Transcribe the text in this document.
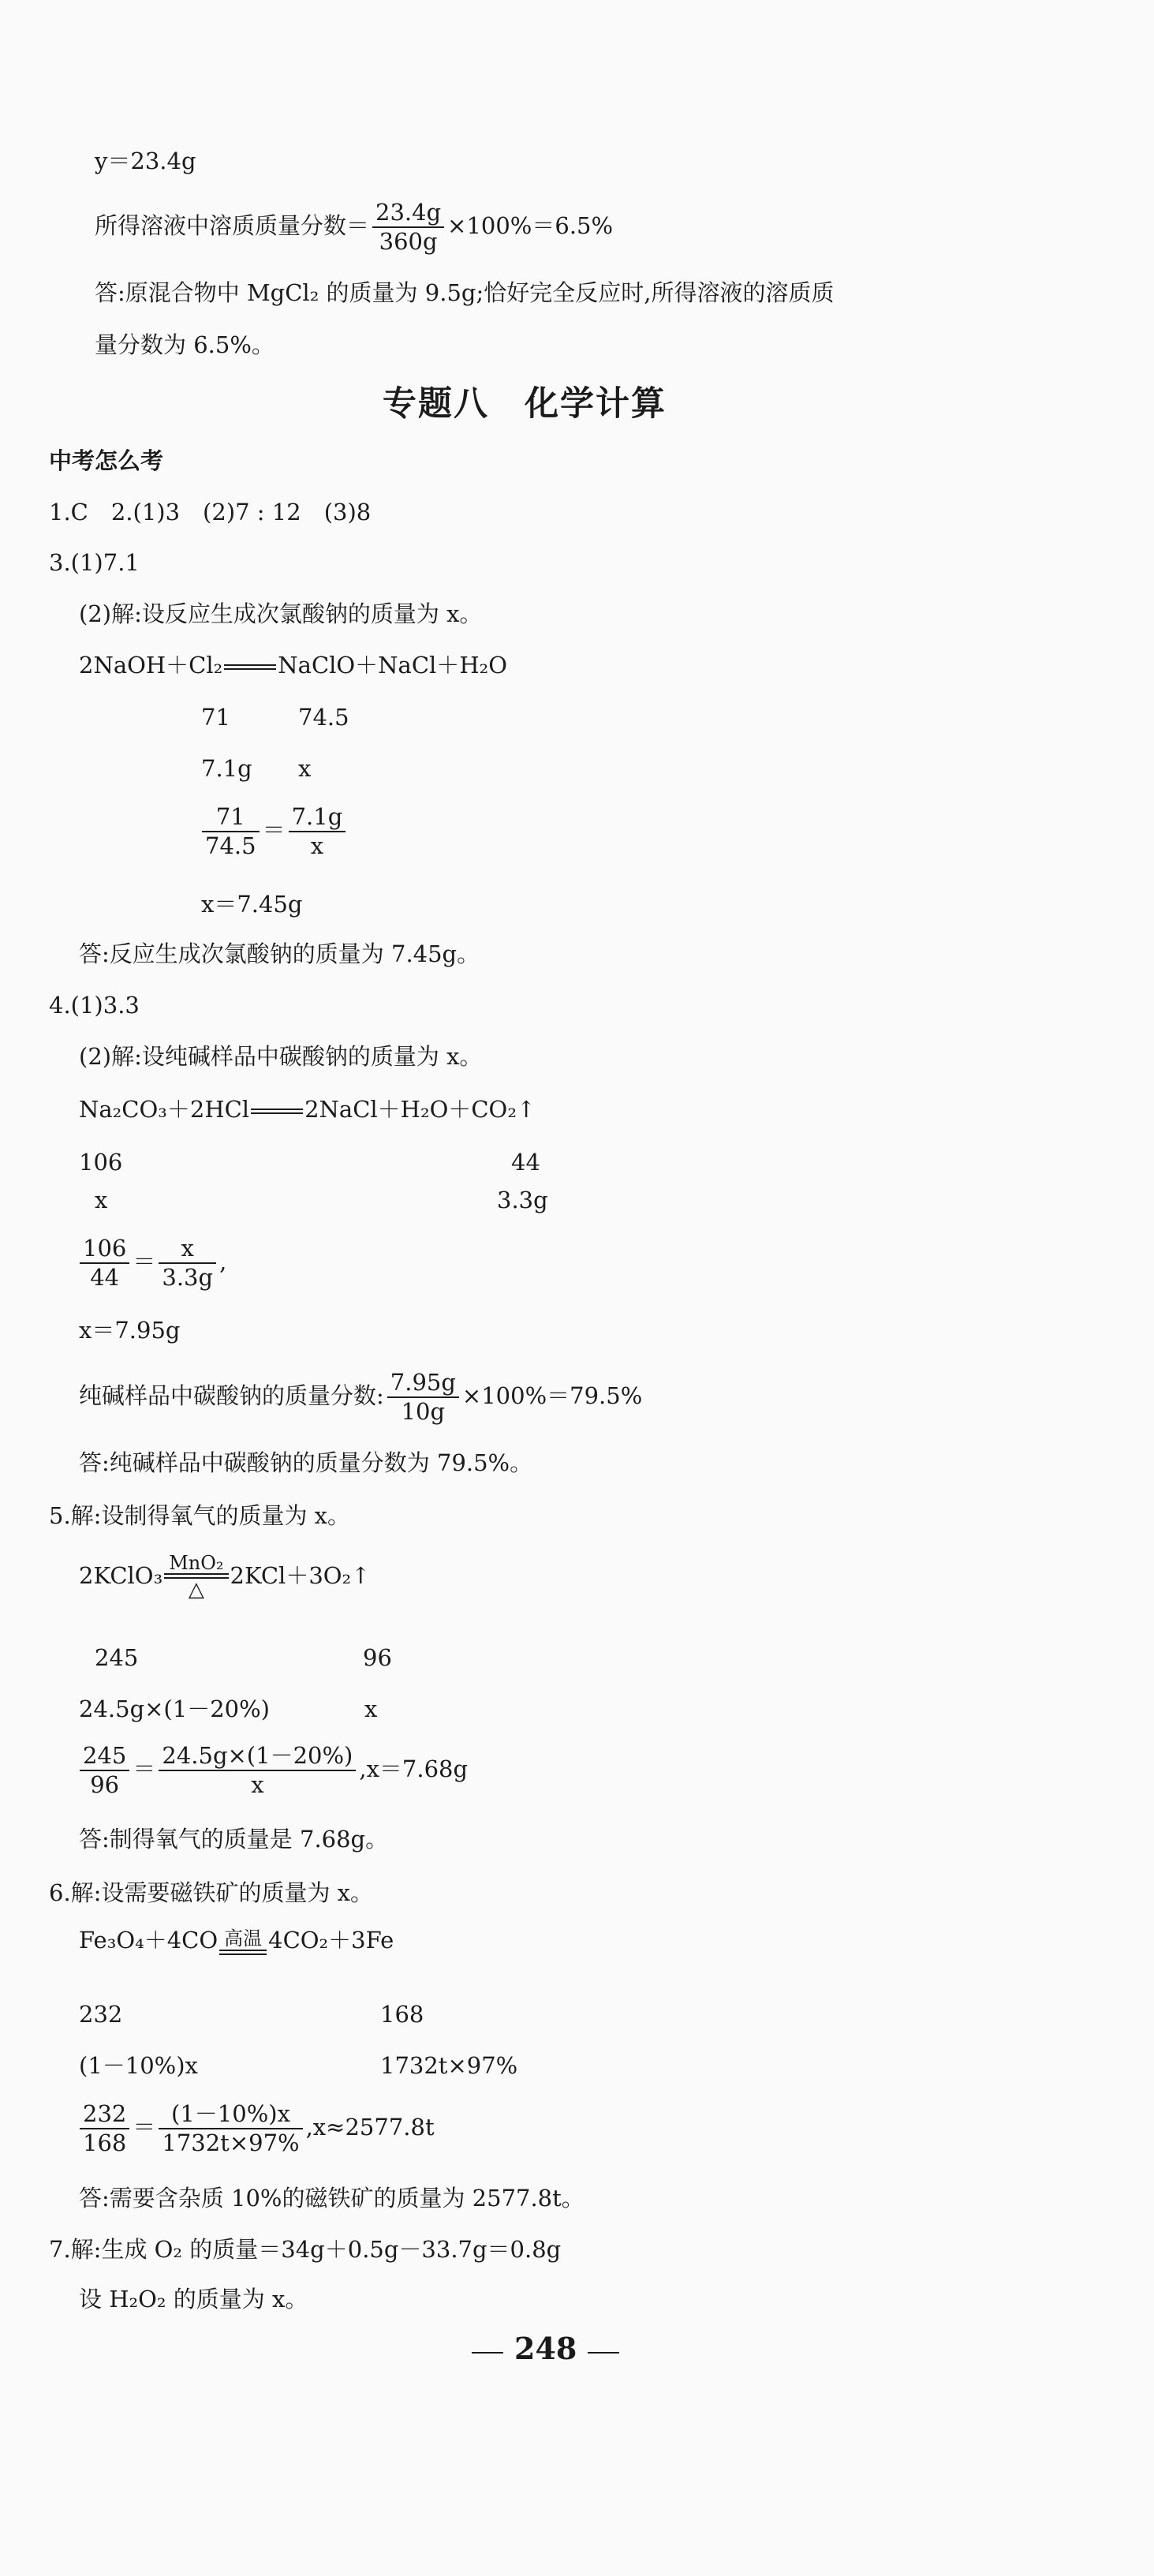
y＝23.4g
所得溶液中溶质质量分数＝ $\frac{23.4g}{360g} \times 100\%=6.5\%$
答:原混合物中 MgCl₂ 的质量为 9.5g;恰好完全反应时,所得溶液的溶质质
量分数为 6.5%。
专题八　化学计算
中考怎么考
1.C　2.(1)3　(2)7 : 12　(3)8
3.(1)7.1
(2)解:设反应生成次氯酸钠的质量为 x。
2NaOH＋Cl₂ NaClO＋NaCl＋H₂O
71	74.5
7.1g x
$\frac{71}{74.5} = \frac{7.1g}{x}$
x＝7.45g
答:反应生成次氯酸钠的质量为 7.45g。
4.(1)3.3
(2)解:设纯碱样品中碳酸钠的质量为 x。
Na₂CO₃＋2HCl 2NaCl＋H₂O＋CO₂↑
106	44
x	3.3g
$\frac{106}{44} = \frac{x}{3.3g}$ ,
x＝7.95g
纯碱样品中碳酸钠的质量分数: $\frac{7.95g}{10g} \times 100\%=79.5\%$
答:纯碱样品中碳酸钠的质量分数为 79.5%。
5.解:设制得氧气的质量为 x。
2KClO₃ MnO₂
△
2KCl＋3O₂↑
245	96
24.5g×(1－20%)	x
$\frac{245}{96} = \frac{24.5g\times(1-20\%)}{x} ,x=7.68g$
答:制得氧气的质量是 7.68g。
6.解:设需要磁铁矿的质量为 x。
Fe₃O₄＋4CO 高温 4CO₂＋3Fe
232	168
(1－10%)x	1732t×97%
$\frac{232}{168} = \frac{(1-10\%)x}{1732t\times 97\%} ,x\approx 2577.8t$
答:需要含杂质 10%的磁铁矿的质量为 2577.8t。
7.解:生成 O₂ 的质量＝34g＋0.5g－33.7g＝0.8g
设 H₂O₂ 的质量为 x。
248
